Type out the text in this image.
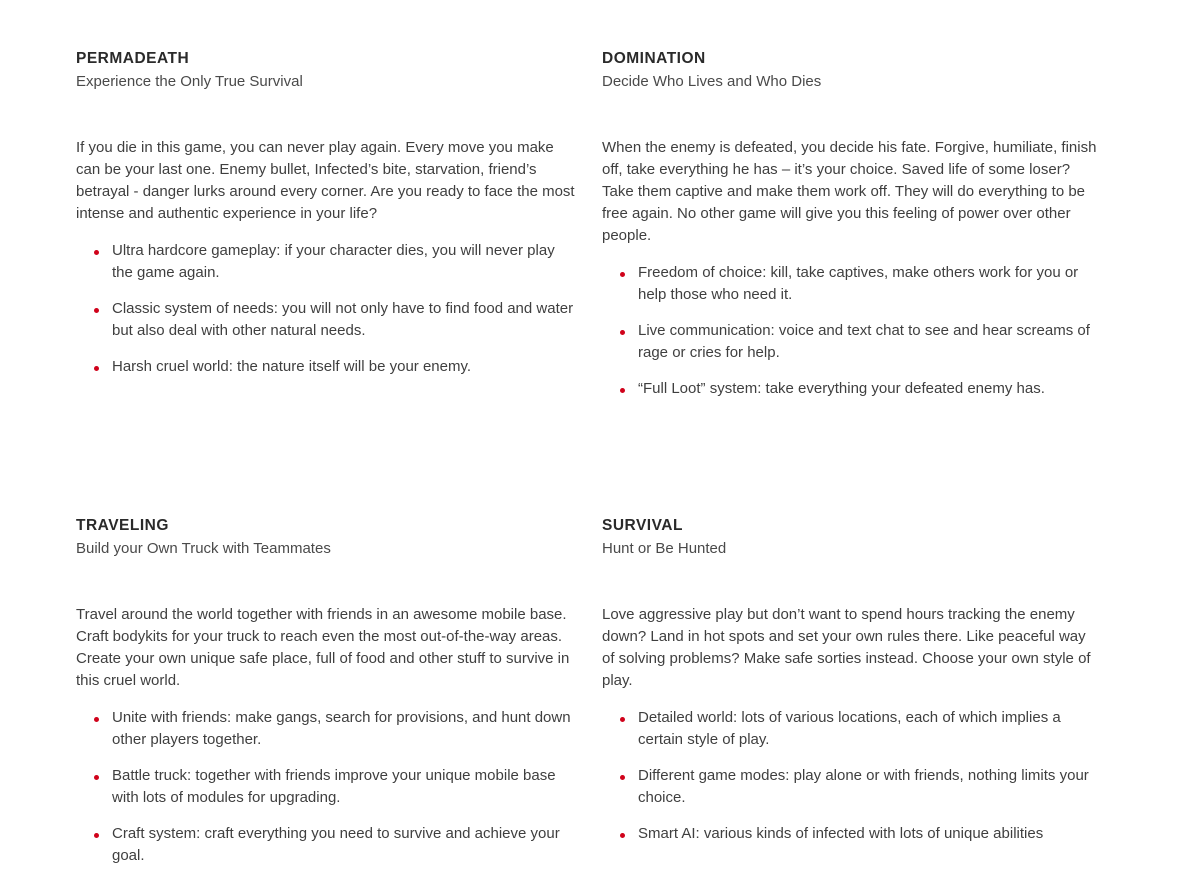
PERMADEATH
Experience the Only True Survival

If you die in this game, you can never play again. Every move you make can be your last one. Enemy bullet, Infected’s bite, starvation, friend’s betrayal - danger lurks around every corner. Are you ready to face the most intense and authentic experience in your life?

Ultra hardcore gameplay: if your character dies, you will never play the game again.
Classic system of needs: you will not only have to find food and water but also deal with other natural needs.
Harsh cruel world: the nature itself will be your enemy.
DOMINATION
Decide Who Lives and Who Dies

When the enemy is defeated, you decide his fate. Forgive, humiliate, finish off, take everything he has – it’s your choice. Saved life of some loser? Take them captive and make them work off. They will do everything to be free again. No other game will give you this feeling of power over other people.

Freedom of choice: kill, take captives, make others work for you or help those who need it.
Live communication: voice and text chat to see and hear screams of rage or cries for help.
“Full Loot” system: take everything your defeated enemy has.
TRAVELING
Build your Own Truck with Teammates

Travel around the world together with friends in an awesome mobile base. Craft bodykits for your truck to reach even the most out-of-the-way areas. Create your own unique safe place, full of food and other stuff to survive in this cruel world.

Unite with friends: make gangs, search for provisions, and hunt down other players together.
Battle truck: together with friends improve your unique mobile base with lots of modules for upgrading.
Craft system: craft everything you need to survive and achieve your goal.
SURVIVAL
Hunt or Be Hunted

Love aggressive play but don’t want to spend hours tracking the enemy down? Land in hot spots and set your own rules there. Like peaceful way of solving problems? Make safe sorties instead. Choose your own style of play.

Detailed world: lots of various locations, each of which implies a certain style of play.
Different game modes: play alone or with friends, nothing limits your choice.
Smart AI: various kinds of infected with lots of unique abilities
